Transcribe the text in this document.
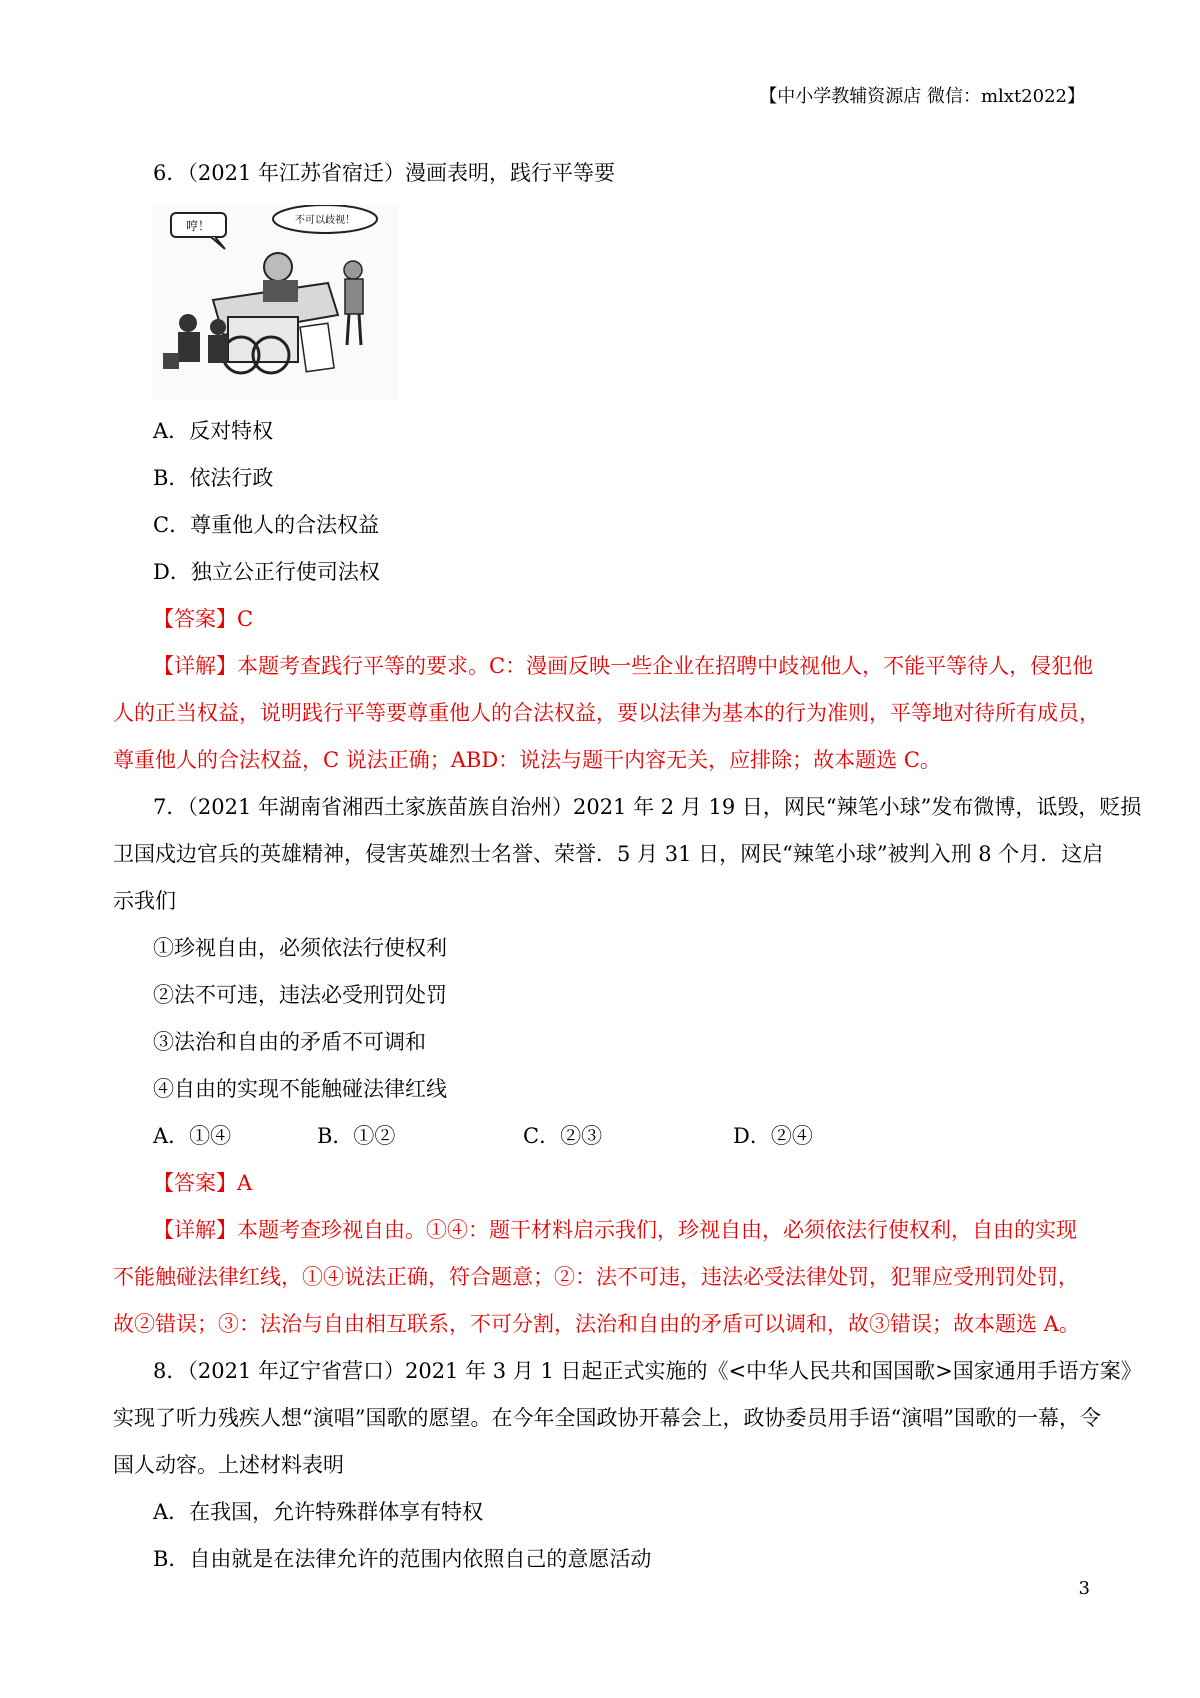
【中小学教辅资源店 微信：mlxt2022】
6．（2021 年江苏省宿迁）漫画表明，践行平等要
哼！	不可以歧视！
A．反对特权
B．依法行政
C．尊重他人的合法权益
D．独立公正行使司法权
【答案】C
【详解】本题考查践行平等的要求。C：漫画反映一些企业在招聘中歧视他人，不能平等待人，侵犯他
人的正当权益，说明践行平等要尊重他人的合法权益，要以法律为基本的行为准则，平等地对待所有成员，
尊重他人的合法权益，C 说法正确；ABD：说法与题干内容无关，应排除；故本题选 C。
7．（2021 年湖南省湘西土家族苗族自治州）2021 年 2 月 19 日，网民“辣笔小球”发布微博，诋毁，贬损
卫国戍边官兵的英雄精神，侵害英雄烈士名誉、荣誉．5 月 31 日，网民“辣笔小球”被判入刑 8 个月．这启
示我们
①珍视自由，必须依法行使权利
②法不可违，违法必受刑罚处罚
③法治和自由的矛盾不可调和
④自由的实现不能触碰法律红线
A．①④	B．①②	C．②③	D．②④
【答案】A
【详解】本题考查珍视自由。①④：题干材料启示我们，珍视自由，必须依法行使权利，自由的实现
不能触碰法律红线，①④说法正确，符合题意；②：法不可违，违法必受法律处罚，犯罪应受刑罚处罚，
故②错误；③：法治与自由相互联系，不可分割，法治和自由的矛盾可以调和，故③错误；故本题选 A。
8．（2021 年辽宁省营口）2021 年 3 月 1 日起正式实施的《<中华人民共和国国歌>国家通用手语方案》
实现了听力残疾人想“演唱”国歌的愿望。在今年全国政协开幕会上，政协委员用手语“演唱”国歌的一幕，令
国人动容。上述材料表明
A．在我国，允许特殊群体享有特权
B．自由就是在法律允许的范围内依照自己的意愿活动
3
